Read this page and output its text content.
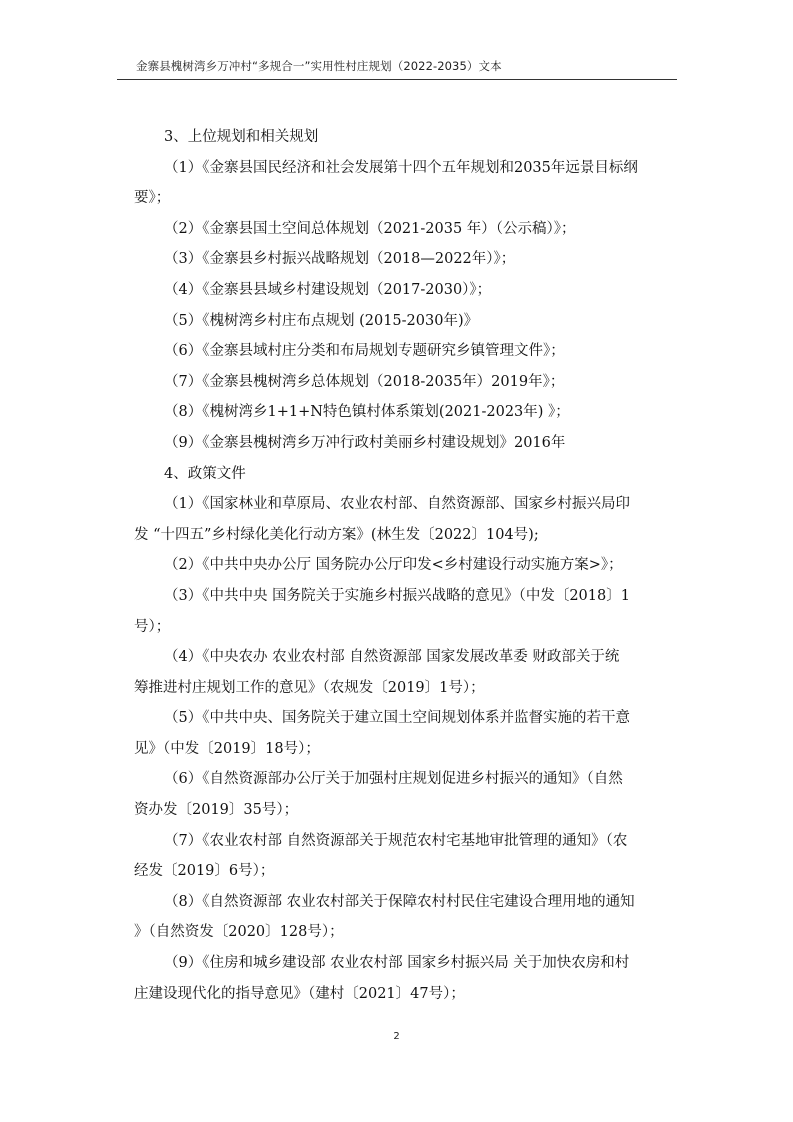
金寨县槐树湾乡万冲村“多规合一”实用性村庄规划（2022-2035）文本
3、上位规划和相关规划
（1）《金寨县国民经济和社会发展第十四个五年规划和2035年远景目标纲
要》；
（2）《金寨县国土空间总体规划（2021-2035 年）（公示稿）》；
（3）《金寨县乡村振兴战略规划（2018—2022年）》；
（4）《金寨县县域乡村建设规划（2017-2030）》；
（5）《槐树湾乡村庄布点规划 (2015-2030年)》
（6）《金寨县域村庄分类和布局规划专题研究乡镇管理文件》；
（7）《金寨县槐树湾乡总体规划（2018-2035年）2019年》；
（8）《槐树湾乡1+1+N特色镇村体系策划(2021-2023年) 》；
（9）《金寨县槐树湾乡万冲行政村美丽乡村建设规划》2016年
4、政策文件
（1）《国家林业和草原局、农业农村部、自然资源部、国家乡村振兴局印
发 “十四五”乡村绿化美化行动方案》(林生发〔2022〕104号);
（2）《中共中央办公厅 国务院办公厅印发<乡村建设行动实施方案>》；
（3）《中共中央 国务院关于实施乡村振兴战略的意见》（中发〔2018〕1
号）；
（4）《中央农办 农业农村部 自然资源部 国家发展改革委 财政部关于统
筹推进村庄规划工作的意见》（农规发〔2019〕1号）；
（5）《中共中央、国务院关于建立国土空间规划体系并监督实施的若干意
见》（中发〔2019〕18号）；
（6）《自然资源部办公厅关于加强村庄规划促进乡村振兴的通知》（自然
资办发〔2019〕35号）；
（7）《农业农村部 自然资源部关于规范农村宅基地审批管理的通知》（农
经发〔2019〕6号）；
（8）《自然资源部 农业农村部关于保障农村村民住宅建设合理用地的通知
》（自然资发〔2020〕128号）；
（9）《住房和城乡建设部 农业农村部 国家乡村振兴局 关于加快农房和村
庄建设现代化的指导意见》（建村〔2021〕47号）；
2
